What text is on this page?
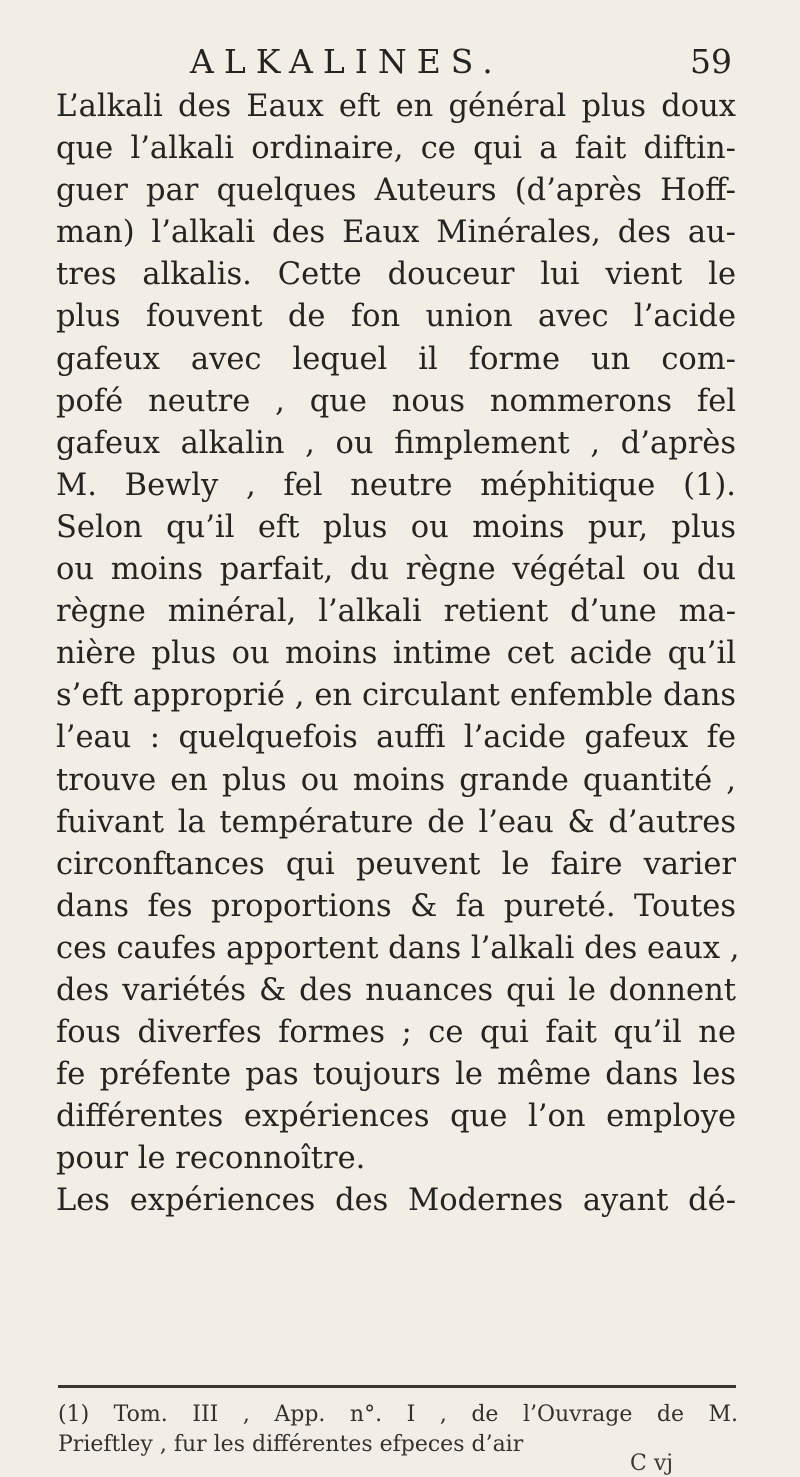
ALKALINES.	59
L’alkali des Eaux eft en général plus doux
que l’alkali ordinaire, ce qui a fait diftin-
guer par quelques Auteurs (d’après Hoff-
man) l’alkali des Eaux Minérales, des au-
tres alkalis. Cette douceur lui vient le
plus fouvent de fon union avec l’acide
gafeux avec lequel il forme un com-
pofé neutre , que nous nommerons fel
gafeux alkalin , ou fimplement , d’après
M. Bewly , fel neutre méphitique (1).
Selon qu’il eft plus ou moins pur, plus
ou moins parfait, du règne végétal ou du
règne minéral, l’alkali retient d’une ma-
nière plus ou moins intime cet acide qu’il
s’eft approprié , en circulant enfemble dans
l’eau : quelquefois auffi l’acide gafeux fe
trouve en plus ou moins grande quantité ,
fuivant la température de l’eau & d’autres
circonftances qui peuvent le faire varier
dans fes proportions & fa pureté. Toutes
ces caufes apportent dans l’alkali des eaux ,
des variétés & des nuances qui le donnent
fous diverfes formes ; ce qui fait qu’il ne
fe préfente pas toujours le même dans les
différentes expériences que l’on employe
pour le reconnoître.
Les expériences des Modernes ayant dé-
(1) Tom. III , App. n°. I , de l’Ouvrage de M.
Prieftley , fur les différentes efpeces d’air
C vj
